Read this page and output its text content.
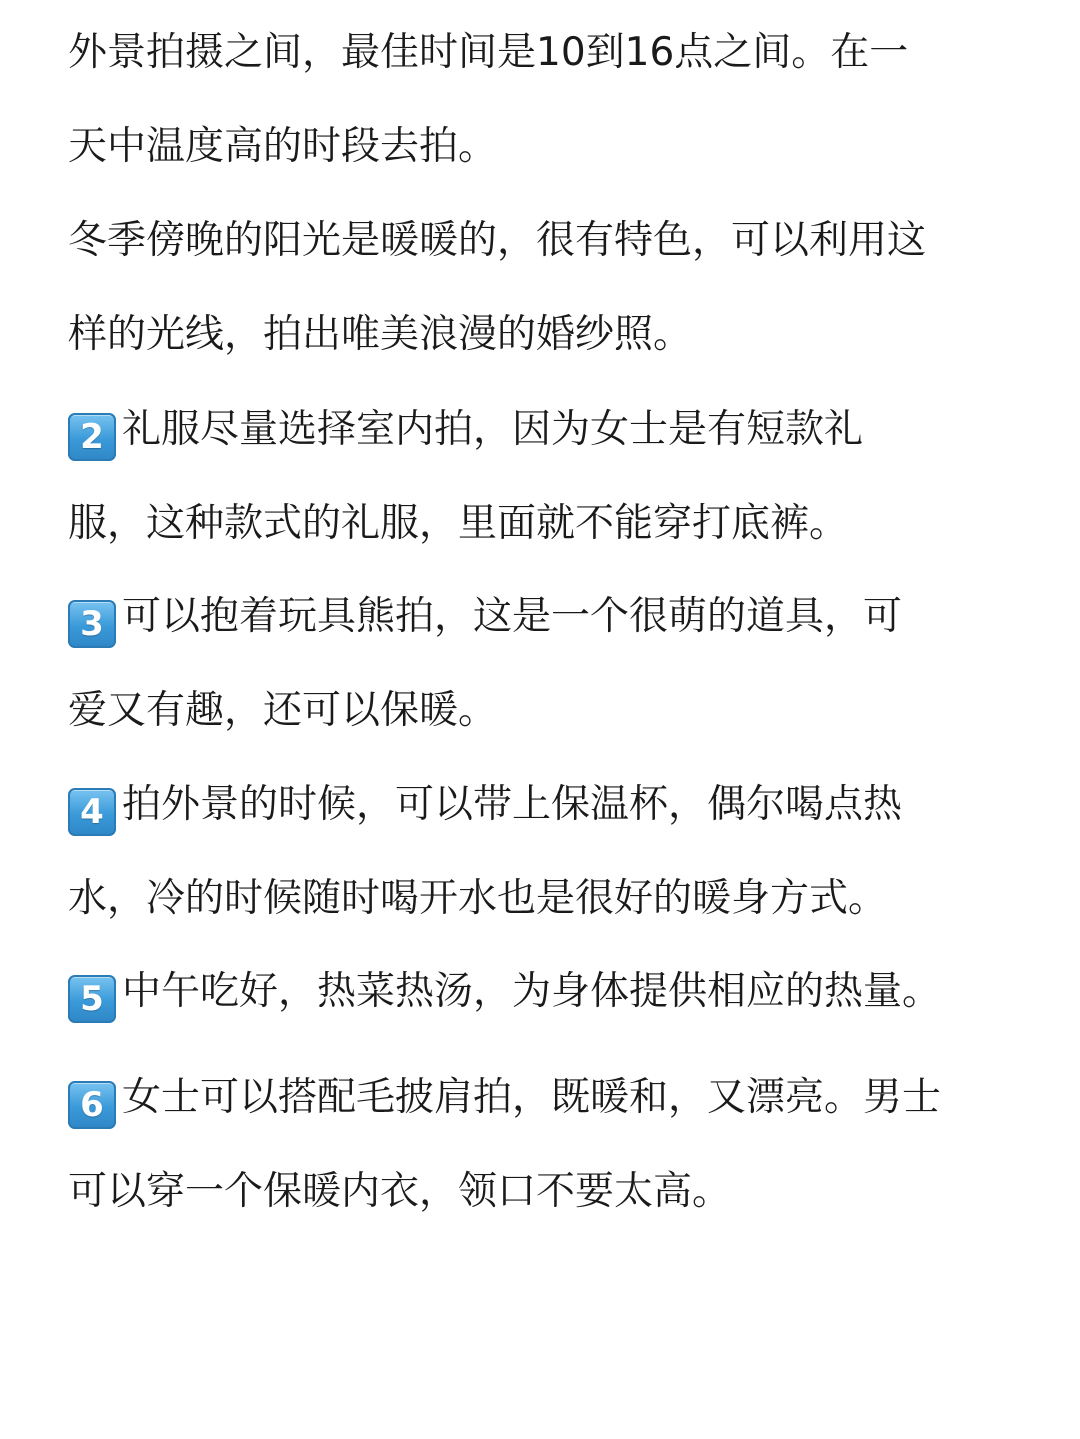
外景拍摄之间，最佳时间是10到16点之间。在一
天中温度高的时段去拍。

冬季傍晚的阳光是暖暖的，很有特色，可以利用这
样的光线，拍出唯美浪漫的婚纱照。

2 礼服尽量选择室内拍，因为女士是有短款礼
服，这种款式的礼服，里面就不能穿打底裤。

3 可以抱着玩具熊拍，这是一个很萌的道具，可
爱又有趣，还可以保暖。

4 拍外景的时候，可以带上保温杯，偶尔喝点热
水，冷的时候随时喝开水也是很好的暖身方式。

5 中午吃好，热菜热汤，为身体提供相应的热量。

6 女士可以搭配毛披肩拍，既暖和，又漂亮。男士
可以穿一个保暖内衣，领口不要太高。
